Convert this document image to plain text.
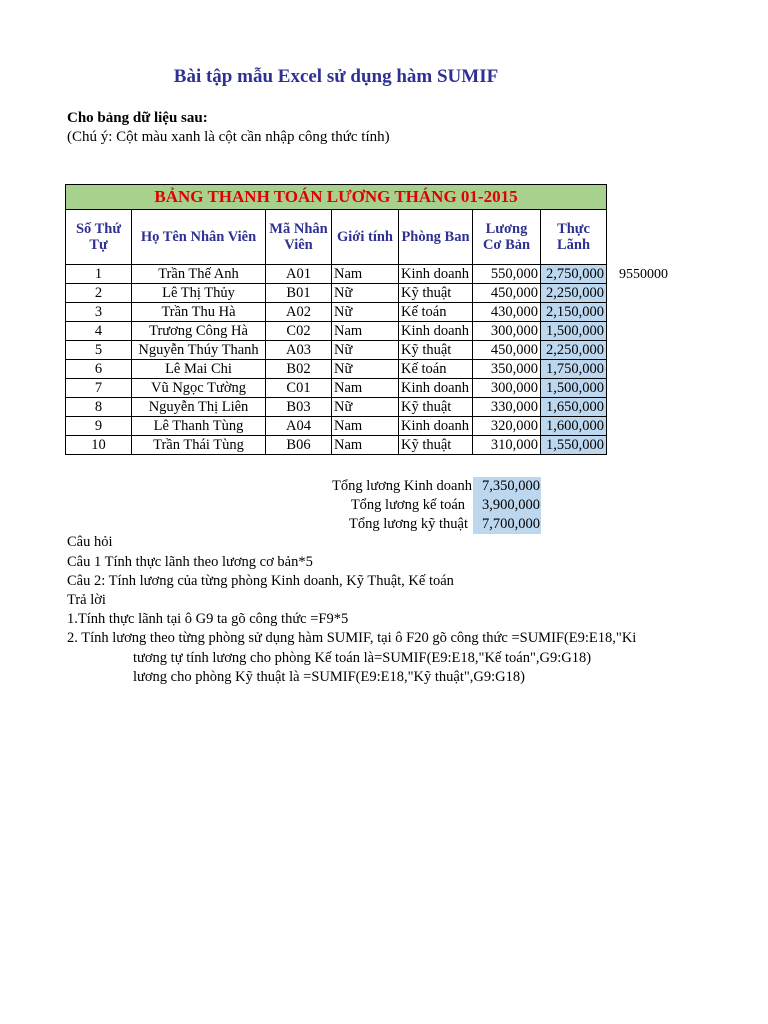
Bài tập mẫu Excel sử dụng hàm SUMIF
Cho bảng dữ liệu sau:
(Chú ý: Cột màu xanh là cột cần nhập công thức tính)
BẢNG THANH TOÁN LƯƠNG THÁNG 01-2015						
Số Thứ Tự	Họ Tên Nhân Viên	Mã Nhân Viên	Giới tính	Phòng Ban	Lương Cơ Bản	Thực Lãnh
1	Trần Thế Anh	A01	Nam	Kinh doanh	550,000	2,750,000
2	Lê Thị Thủy	B01	Nữ	Kỹ thuật	450,000	2,250,000
3	Trần Thu Hà	A02	Nữ	Kế toán	430,000	2,150,000
4	Trương Công Hà	C02	Nam	Kinh doanh	300,000	1,500,000
5	Nguyễn Thúy Thanh	A03	Nữ	Kỹ thuật	450,000	2,250,000
6	Lê Mai Chi	B02	Nữ	Kế toán	350,000	1,750,000
7	Vũ Ngọc Tường	C01	Nam	Kinh doanh	300,000	1,500,000
8	Nguyễn Thị Liên	B03	Nữ	Kỹ thuật	330,000	1,650,000
9	Lê Thanh Tùng	A04	Nam	Kinh doanh	320,000	1,600,000
10	Trần Thái Tùng	B06	Nam	Kỹ thuật	310,000	1,550,000
9550000
Tổng lương Kinh doanh 7,350,000
Tổng lương kế toán	3,900,000
Tổng lương kỹ thuật 7,700,000
Câu hỏi
Câu 1 Tính thực lãnh theo lương cơ bản*5
Câu 2: Tính lương của từng phòng Kinh doanh, Kỹ Thuật, Kế toán
Trả lời
1.Tính thực lãnh tại ô G9 ta gõ công thức =F9*5
2. Tính lương theo từng phòng sử dụng hàm SUMIF, tại ô F20 gõ công thức =SUMIF(E9:E18,"Ki
tương tự tính lương cho phòng Kế toán là=SUMIF(E9:E18,"Kế toán",G9:G18)
lương cho phòng Kỹ thuật là =SUMIF(E9:E18,"Kỹ thuật",G9:G18)
